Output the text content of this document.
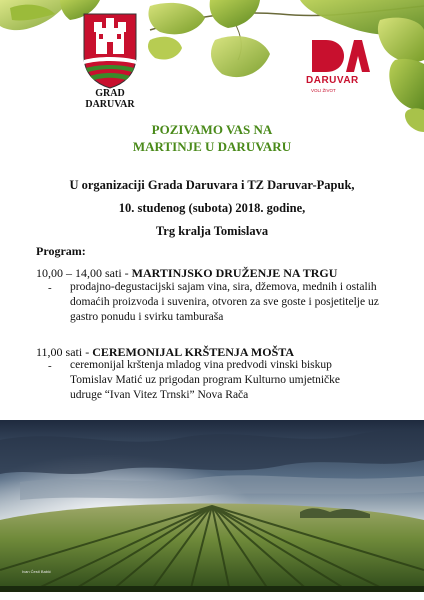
GRAD
DARUVAR
DARUVAR
VOLI ŽIVOT
POZIVAMO VAS NA
MARTINJE U DARUVARU
U organizaciji Grada Daruvara i TZ Daruvar-Papuk,
10. studenog (subota) 2018. godine,
Trg kralja Tomislava
Program:
10,00 – 14,00 sati - MARTINJSKO DRUŽENJE NA TRGU
- prodajno-degustacijski sajam vina, sira, džemova, mednih i ostalih
domaćih proizvoda i suvenira, otvoren za sve goste i posjetitelje uz
gastro ponudu i svirku tamburaša
11,00 sati - CEREMONIJAL KRŠTENJA MOŠTA
- ceremonijal krštenja mladog vina predvodi vinski biskup
Tomislav Matić uz prigodan program Kulturno umjetničke
udruge “Ivan Vitez Trnski” Nova Rača
Ivan Ćesti Babić
